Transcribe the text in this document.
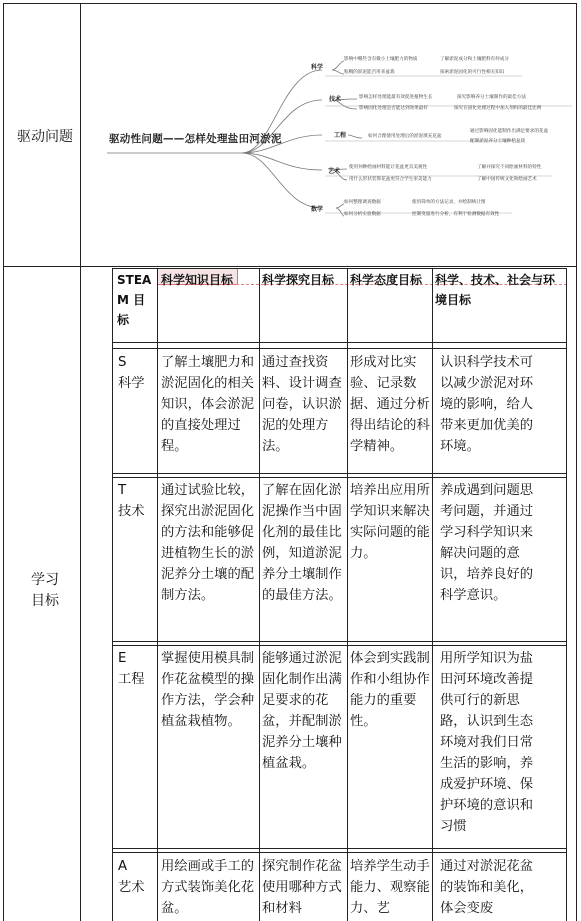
驱动问题
学习
目标
驱动性问题——怎样处理盐田河淤泥
科学
影响中哪些含有微小土壤肥力的物质	了解淤泥成分和土壤肥料有何成分
粘稠的淤泥能否用来盆栽	探索淤泥固化的可行性相关知识
技术	影响怎样处理能最有效促进植物生长	探究影响养分土壤制作的最佳方法
影响固化处理是否能达到效果最好	探究在固化处理过程中加入剂料的最佳比例
工程	如何合理使用处理后的淤泥填充花盆
通过影响固化能制作出满足要求的花盆
配制淤泥养分土壤种植盆栽
艺术
使用何种绘画材料能让花盆更具美观性	了解并探究不同绘画材料的特性
用什么形状装饰花盆更符合学生审美能力	了解中国传统文化和绘画艺术
数学
如何整理调查数据	使用简单的方法记录，并绘制统计图
如何分析实验数据	控制变量进行分析，有利于检测数据有效性
STEAM 目标
科学知识目标	科学探究目标	科学态度目标	科学、技术、社会与环境目标
S
科学
了解土壤肥力和淤泥固化的相关知识，体会淤泥的直接处理过程。
通过查找资料、设计调查问卷，认识淤泥的处理方法。
形成对比实验、记录数据、通过分析得出结论的科学精神。
认识科学技术可以减少淤泥对环境的影响，给人带来更加优美的环境。
T
技术
通过试验比较，探究出淤泥固化的方法和能够促进植物生长的淤泥养分土壤的配制方法。
了解在固化淤泥操作当中固化剂的最佳比例，知道淤泥养分土壤制作的最佳方法。
培养出应用所学知识来解决实际问题的能力。
养成遇到问题思考问题，并通过学习科学知识来解决问题的意识，培养良好的科学意识。
E
工程
掌握使用模具制作花盆模型的操作方法，学会种植盆栽植物。
能够通过淤泥固化制作出满足要求的花盆，并配制淤泥养分土壤种植盆栽。
体会到实践制作和小组协作能力的重要性。
用所学知识为盐田河环境改善提供可行的新思路，认识到生态环境对我们日常生活的影响，养成爱护环境、保护环境的意识和习惯
A
艺术
用绘画或手工的方式装饰美化花盆。
探究制作花盆使用哪种方式和材料
培养学生动手能力、观察能力、艺
通过对淤泥花盆的装饰和美化，体会变废
